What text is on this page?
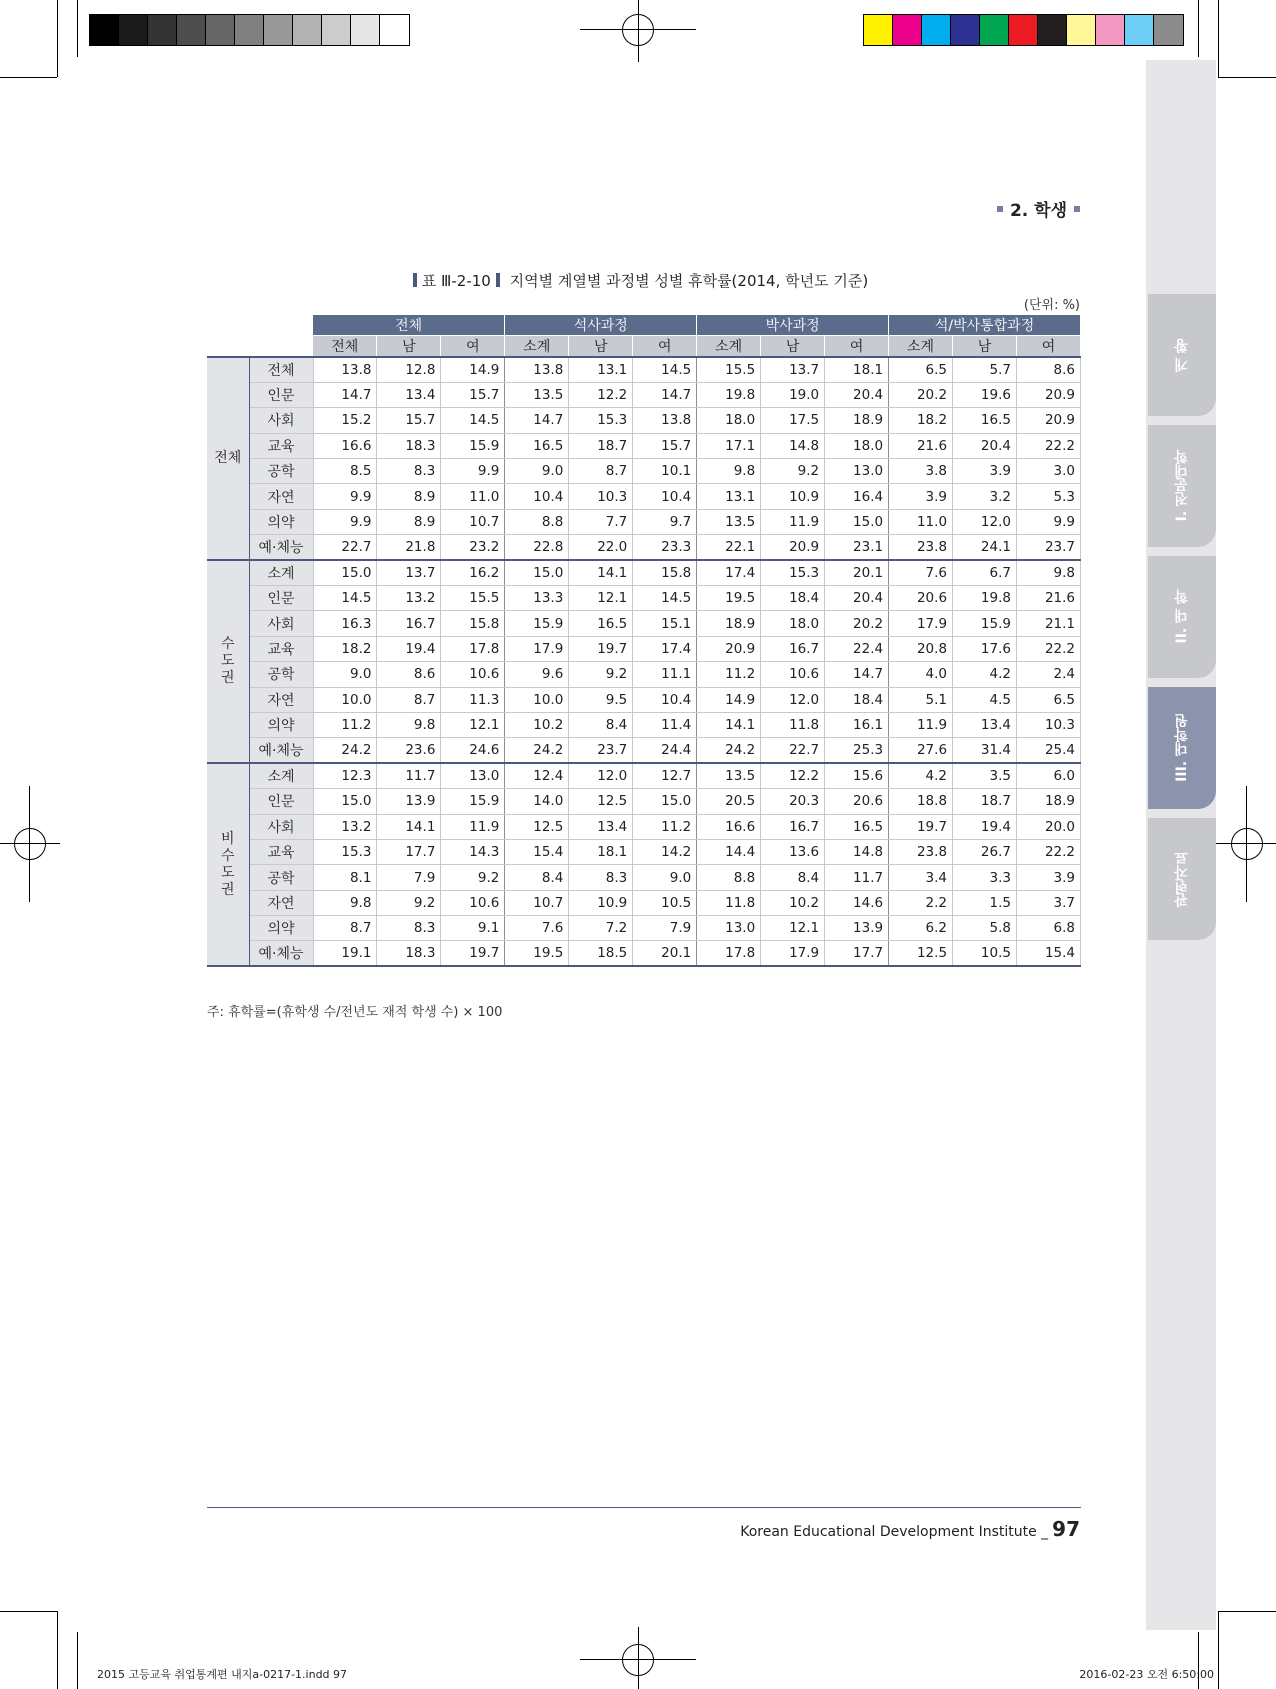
개 황
I. 전문대학
II. 대 학
III. 대학원
관련자료
2. 학생
표 Ⅲ-2-10 지역별 계열별 과정별 성별 휴학률(2014, 학년도 기준)
(단위: %)
		전체			석사과정			박사과정			석/박사통합과정		
		전체	남	여	소계	남	여	소계	남	여	소계	남	여
전체	전체	13.8	12.8	14.9	13.8	13.1	14.5	15.5	13.7	18.1	6.5	5.7	8.6
	인문	14.7	13.4	15.7	13.5	12.2	14.7	19.8	19.0	20.4	20.2	19.6	20.9
	사회	15.2	15.7	14.5	14.7	15.3	13.8	18.0	17.5	18.9	18.2	16.5	20.9
	교육	16.6	18.3	15.9	16.5	18.7	15.7	17.1	14.8	18.0	21.6	20.4	22.2
	공학	8.5	8.3	9.9	9.0	8.7	10.1	9.8	9.2	13.0	3.8	3.9	3.0
	자연	9.9	8.9	11.0	10.4	10.3	10.4	13.1	10.9	16.4	3.9	3.2	5.3
	의약	9.9	8.9	10.7	8.8	7.7	9.7	13.5	11.9	15.0	11.0	12.0	9.9
	예·체능	22.7	21.8	23.2	22.8	22.0	23.3	22.1	20.9	23.1	23.8	24.1	23.7
수도권	소계	15.0	13.7	16.2	15.0	14.1	15.8	17.4	15.3	20.1	7.6	6.7	9.8
	인문	14.5	13.2	15.5	13.3	12.1	14.5	19.5	18.4	20.4	20.6	19.8	21.6
	사회	16.3	16.7	15.8	15.9	16.5	15.1	18.9	18.0	20.2	17.9	15.9	21.1
	교육	18.2	19.4	17.8	17.9	19.7	17.4	20.9	16.7	22.4	20.8	17.6	22.2
	공학	9.0	8.6	10.6	9.6	9.2	11.1	11.2	10.6	14.7	4.0	4.2	2.4
	자연	10.0	8.7	11.3	10.0	9.5	10.4	14.9	12.0	18.4	5.1	4.5	6.5
	의약	11.2	9.8	12.1	10.2	8.4	11.4	14.1	11.8	16.1	11.9	13.4	10.3
	예·체능	24.2	23.6	24.6	24.2	23.7	24.4	24.2	22.7	25.3	27.6	31.4	25.4
비수도권	소계	12.3	11.7	13.0	12.4	12.0	12.7	13.5	12.2	15.6	4.2	3.5	6.0
	인문	15.0	13.9	15.9	14.0	12.5	15.0	20.5	20.3	20.6	18.8	18.7	18.9
	사회	13.2	14.1	11.9	12.5	13.4	11.2	16.6	16.7	16.5	19.7	19.4	20.0
	교육	15.3	17.7	14.3	15.4	18.1	14.2	14.4	13.6	14.8	23.8	26.7	22.2
	공학	8.1	7.9	9.2	8.4	8.3	9.0	8.8	8.4	11.7	3.4	3.3	3.9
	자연	9.8	9.2	10.6	10.7	10.9	10.5	11.8	10.2	14.6	2.2	1.5	3.7
	의약	8.7	8.3	9.1	7.6	7.2	7.9	13.0	12.1	13.9	6.2	5.8	6.8
	예·체능	19.1	18.3	19.7	19.5	18.5	20.1	17.8	17.9	17.7	12.5	10.5	15.4
주: 휴학률=(휴학생 수/전년도 재적 학생 수) × 100
Korean Educational Development Institute _ 97
2015 고등교육 취업통계편 내지a-0217-1.indd 97	2016-02-23 오전 6:50:00
